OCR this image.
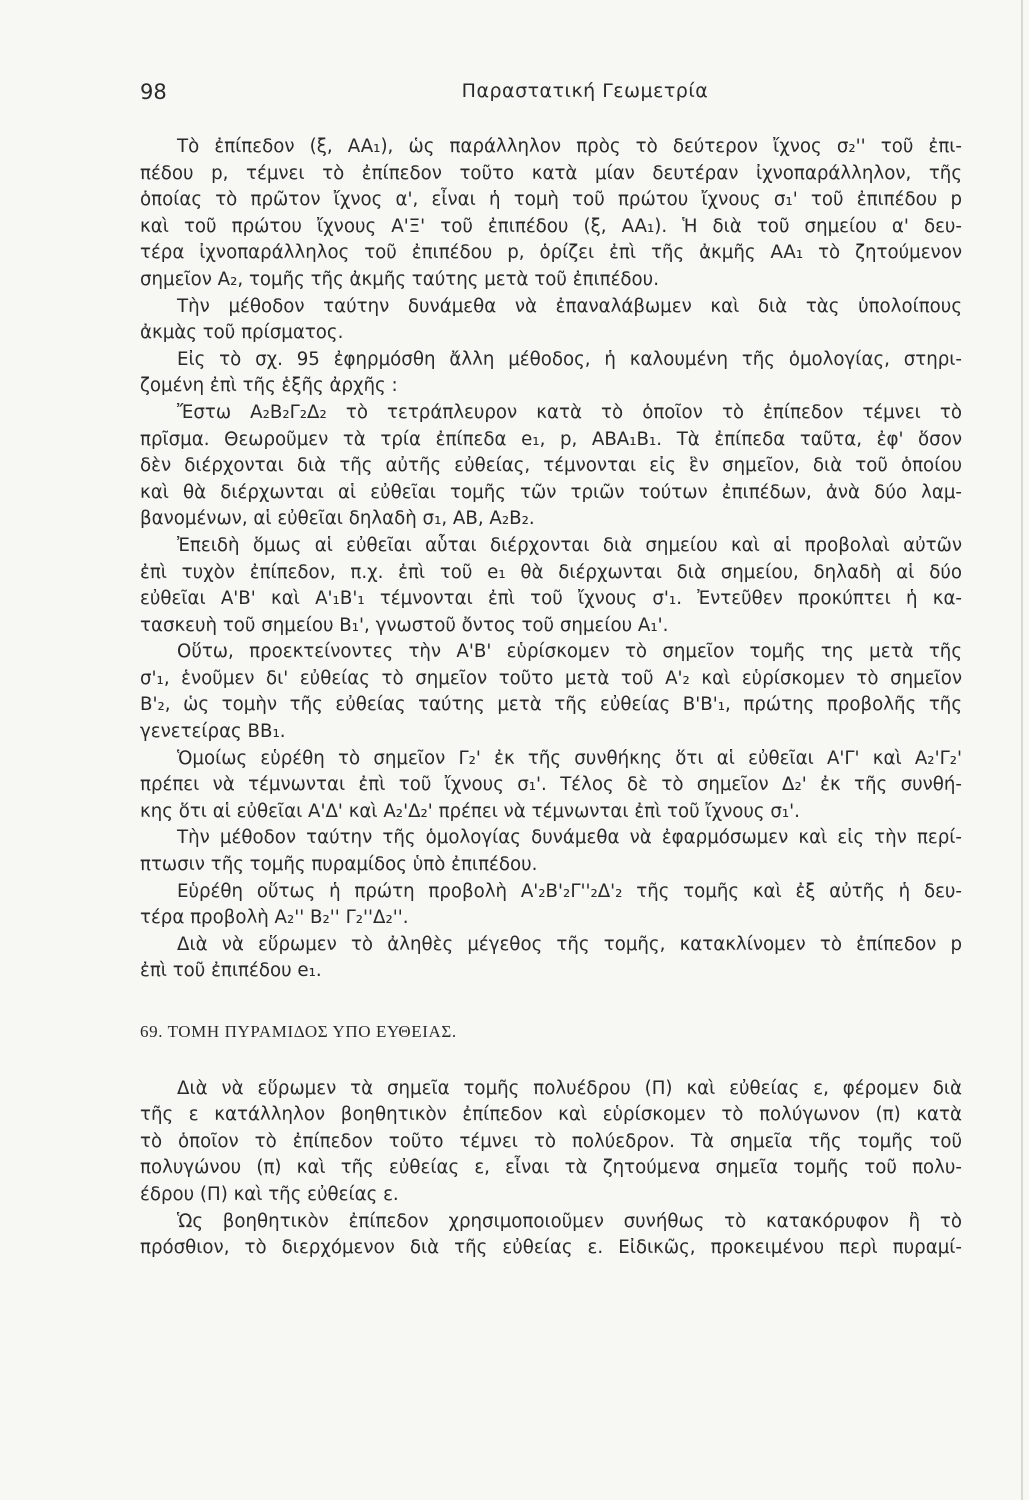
98	Παραστατική Γεωμετρία
Τὸ ἐπίπεδον (ξ, AA₁), ὡς παράλληλον πρὸς τὸ δεύτερον ἴχνος σ₂'' τοῦ ἐπι-
πέδου p, τέμνει τὸ ἐπίπεδον τοῦτο κατὰ μίαν δευτέραν ἰχνοπαράλληλον, τῆς
ὁποίας τὸ πρῶτον ἴχνος α', εἶναι ἡ τομὴ τοῦ πρώτου ἴχνους σ₁' τοῦ ἐπιπέδου p
καὶ τοῦ πρώτου ἴχνους A'Ξ' τοῦ ἐπιπέδου (ξ, AA₁). Ἡ διὰ τοῦ σημείου α' δευ-
τέρα ἰχνοπαράλληλος τοῦ ἐπιπέδου p, ὁρίζει ἐπὶ τῆς ἀκμῆς AA₁ τὸ ζητούμενον
σημεῖον A₂, τομῆς τῆς ἀκμῆς ταύτης μετὰ τοῦ ἐπιπέδου.
Τὴν μέθοδον ταύτην δυνάμεθα νὰ ἐπαναλάβωμεν καὶ διὰ τὰς ὑπολοίπους
ἀκμὰς τοῦ πρίσματος.
Εἰς τὸ σχ. 95 ἐφηρμόσθη ἄλλη μέθοδος, ἡ καλουμένη τῆς ὁμολογίας, στηρι-
ζομένη ἐπὶ τῆς ἑξῆς ἀρχῆς :
Ἔστω A₂B₂Γ₂Δ₂ τὸ τετράπλευρον κατὰ τὸ ὁποῖον τὸ ἐπίπεδον τέμνει τὸ
πρῖσμα. Θεωροῦμεν τὰ τρία ἐπίπεδα e₁, p, ABA₁B₁. Τὰ ἐπίπεδα ταῦτα, ἐφ' ὅσον
δὲν διέρχονται διὰ τῆς αὐτῆς εὐθείας, τέμνονται εἰς ἓν σημεῖον, διὰ τοῦ ὁποίου
καὶ θὰ διέρχωνται αἱ εὐθεῖαι τομῆς τῶν τριῶν τούτων ἐπιπέδων, ἀνὰ δύο λαμ-
βανομένων, αἱ εὐθεῖαι δηλαδὴ σ₁, AB, A₂B₂.
Ἐπειδὴ ὅμως αἱ εὐθεῖαι αὗται διέρχονται διὰ σημείου καὶ αἱ προβολαὶ αὐτῶν
ἐπὶ τυχὸν ἐπίπεδον, π.χ. ἐπὶ τοῦ e₁ θὰ διέρχωνται διὰ σημείου, δηλαδὴ αἱ δύο
εὐθεῖαι A'B' καὶ A'₁B'₁ τέμνονται ἐπὶ τοῦ ἴχνους σ'₁. Ἐντεῦθεν προκύπτει ἡ κα-
τασκευὴ τοῦ σημείου B₁', γνωστοῦ ὄντος τοῦ σημείου A₁'.
Οὕτω, προεκτείνοντες τὴν A'B' εὑρίσκομεν τὸ σημεῖον τομῆς της μετὰ τῆς
σ'₁, ἑνοῦμεν δι' εὐθείας τὸ σημεῖον τοῦτο μετὰ τοῦ A'₂ καὶ εὑρίσκομεν τὸ σημεῖον
B'₂, ὡς τομὴν τῆς εὐθείας ταύτης μετὰ τῆς εὐθείας B'B'₁, πρώτης προβολῆς τῆς
γενετείρας BB₁.
Ὁμοίως εὑρέθη τὸ σημεῖον Γ₂' ἐκ τῆς συνθήκης ὅτι αἱ εὐθεῖαι A'Γ' καὶ A₂'Γ₂'
πρέπει νὰ τέμνωνται ἐπὶ τοῦ ἴχνους σ₁'. Τέλος δὲ τὸ σημεῖον Δ₂' ἐκ τῆς συνθή-
κης ὅτι αἱ εὐθεῖαι A'Δ' καὶ A₂'Δ₂' πρέπει νὰ τέμνωνται ἐπὶ τοῦ ἴχνους σ₁'.
Τὴν μέθοδον ταύτην τῆς ὁμολογίας δυνάμεθα νὰ ἐφαρμόσωμεν καὶ εἰς τὴν περί-
πτωσιν τῆς τομῆς πυραμίδος ὑπὸ ἐπιπέδου.
Εὑρέθη οὕτως ἡ πρώτη προβολὴ A'₂B'₂Γ''₂Δ'₂ τῆς τομῆς καὶ ἐξ αὐτῆς ἡ δευ-
τέρα προβολὴ A₂'' B₂'' Γ₂''Δ₂''.
Διὰ νὰ εὕρωμεν τὸ ἀληθὲς μέγεθος τῆς τομῆς, κατακλίνομεν τὸ ἐπίπεδον p
ἐπὶ τοῦ ἐπιπέδου e₁.
69. ΤΟΜΗ ΠΥΡΑΜΙΔΟΣ ΥΠΟ ΕΥΘΕΙΑΣ.
Διὰ νὰ εὕρωμεν τὰ σημεῖα τομῆς πολυέδρου (Π) καὶ εὐθείας ε, φέρομεν διὰ
τῆς ε κατάλληλον βοηθητικὸν ἐπίπεδον καὶ εὑρίσκομεν τὸ πολύγωνον (π) κατὰ
τὸ ὁποῖον τὸ ἐπίπεδον τοῦτο τέμνει τὸ πολύεδρον. Τὰ σημεῖα τῆς τομῆς τοῦ
πολυγώνου (π) καὶ τῆς εὐθείας ε, εἶναι τὰ ζητούμενα σημεῖα τομῆς τοῦ πολυ-
έδρου (Π) καὶ τῆς εὐθείας ε.
Ὡς βοηθητικὸν ἐπίπεδον χρησιμοποιοῦμεν συνήθως τὸ κατακόρυφον ἢ τὸ
πρόσθιον, τὸ διερχόμενον διὰ τῆς εὐθείας ε. Εἰδικῶς, προκειμένου περὶ πυραμί-
